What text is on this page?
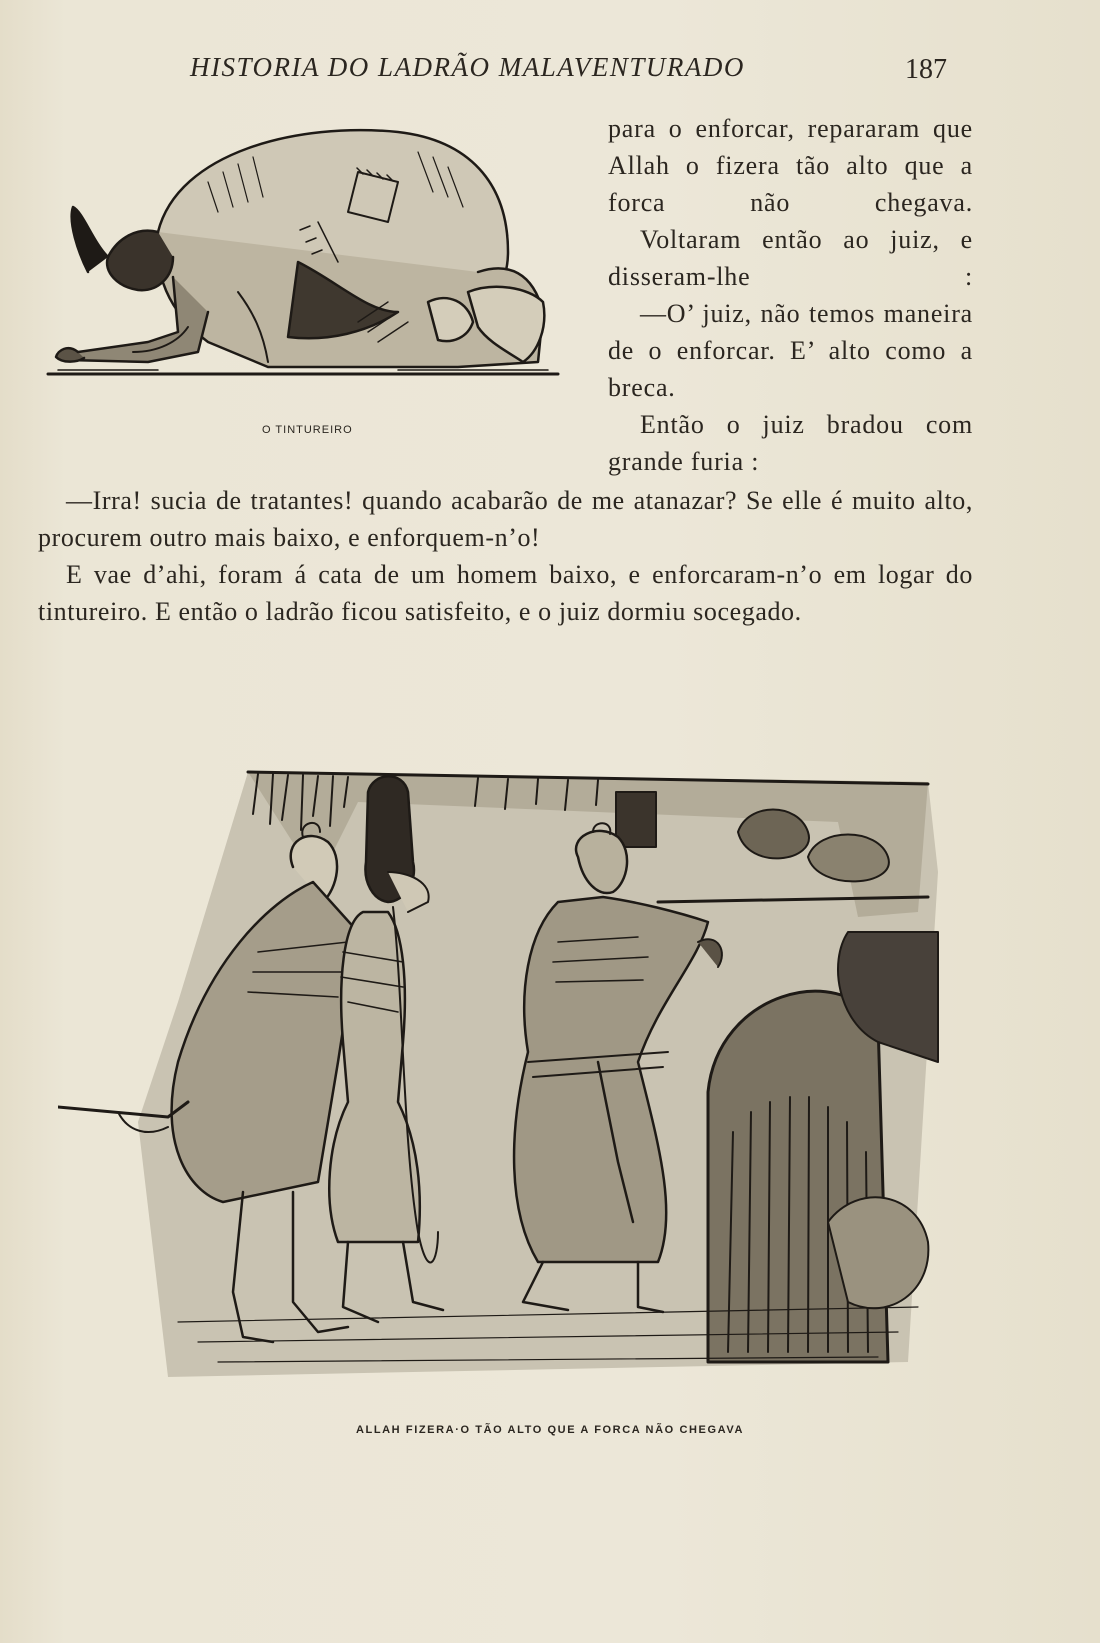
HISTORIA DO LADRÃO MALAVENTURADO	187
O TINTUREIRO

para o enforcar, repararam que Allah o fizera tão alto que a forca não chegava.

Voltaram então ao juiz, e disseram-lhe :

—O’ juiz, não temos maneira de o enforcar. E’ alto como a breca.

Então o juiz bradou com grande furia :

—Irra! sucia de tratantes! quando acabarão de me atanazar? Se elle é muito alto, procurem outro mais baixo, e enforquem-n’o!

E vae d’ahi, foram á cata de um homem baixo, e enforcaram-n’o em logar do tintureiro. E então o ladrão ficou satisfeito, e o juiz dormiu socegado.

ALLAH FIZERA·O TÃO ALTO QUE A FORCA NÃO CHEGAVA
